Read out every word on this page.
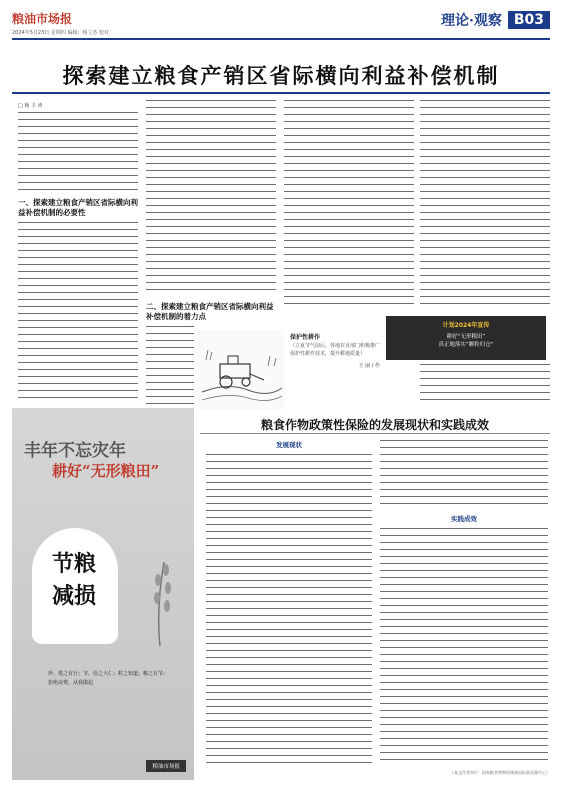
粮油市场报
2024年5月23日 星期四 编辑：杨立杰 校对：
理论·观察 B03
探索建立粮食产销区省际横向利益补偿机制
□ 杨 卫 涛
一、探索建立粮食产销区省际横向利益补偿机制的必要性
二、探索建立粮食产销区省际横向利益补偿机制的着力点
保护性耕作
（立夏节气前后，各地农业部门积极推广保护性耕作技术，提升耕地质量）
王 丽 / 作
计划2024年宣传
耕好“无形粮田”
真正地落实“颗粒归仓”
丰年不忘灾年
耕好“无形粮田”
节粮
减损
珍、惜之有行；节、俭之大仁；粒之知道；粮之有节；拒绝浪费，从我做起
粮油市场报
粮食作物政策性保险的发展现状和实践成效
发展现状
实践成效
（本文作者单位：国家粮食和物资储备局标准质量中心）
